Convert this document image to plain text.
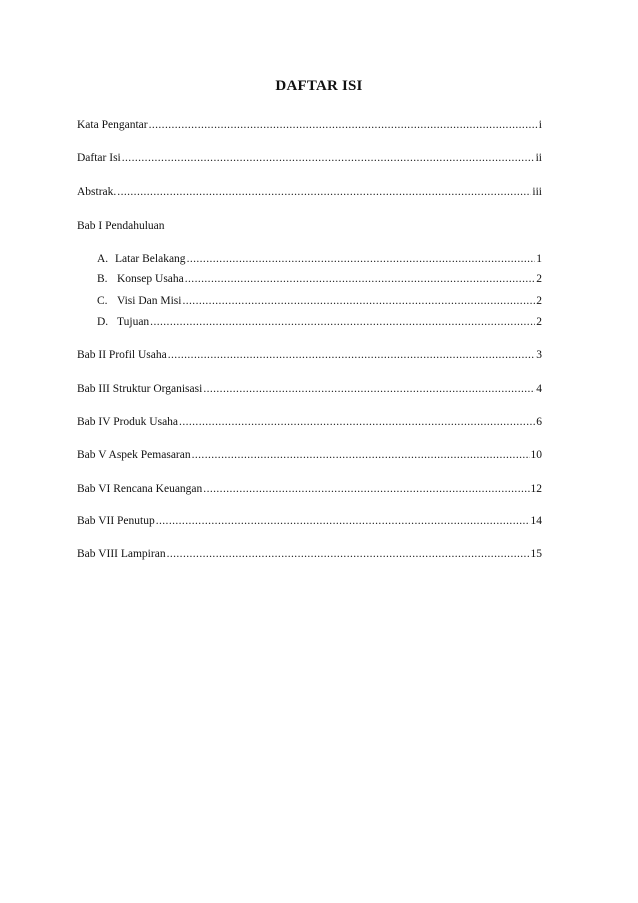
DAFTAR ISI
Kata Pengantar .....	i
Daftar Isi .....	ii
Abstrak. .....	iii
Bab I Pendahuluan
A. Latar Belakang .....	1
B. Konsep Usaha .....	2
C. Visi Dan Misi .....	2
D. Tujuan .....	2
Bab II Profil Usaha .....	3
Bab III Struktur Organisasi .....	4
Bab IV Produk Usaha .....	6
Bab V Aspek Pemasaran .....	10
Bab VI Rencana Keuangan .....	12
Bab VII Penutup .....	14
Bab VIII Lampiran .....	15
